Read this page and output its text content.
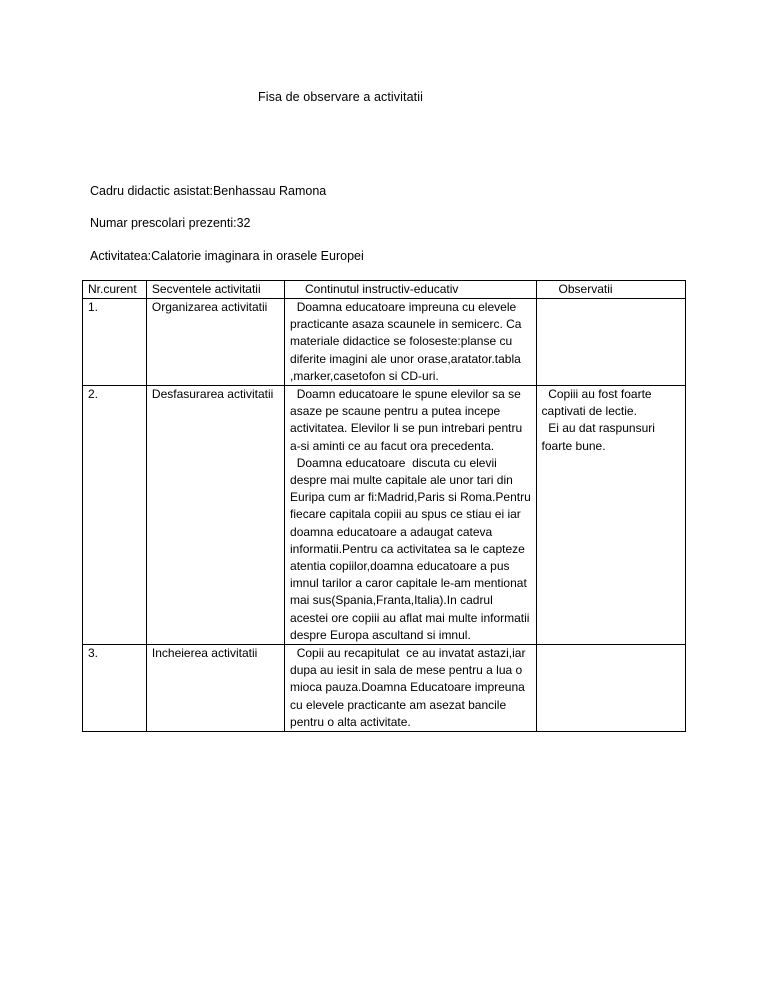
Fisa de observare a activitatii
Cadru didactic asistat:Benhassau Ramona
Numar prescolari prezenti:32
Activitatea:Calatorie imaginara in orasele Europei
Nr.curent	Secventele activitatii	Continutul instructiv-educativ	Observatii
1.	Organizarea activitatii	Doamna educatoare impreuna cu elevele practicante asaza scaunele in semicerc. Ca materiale didactice se foloseste:planse cu diferite imagini ale unor orase,aratator.tabla ,marker,casetofon si CD-uri.	
2.	Desfasurarea activitatii	Doamn educatoare le spune elevilor sa se asaze pe scaune pentru a putea incepe activitatea. Elevilor li se pun intrebari pentru a-si aminti ce au facut ora precedenta.
Doamna educatoare  discuta cu elevii despre mai multe capitale ale unor tari din Euripa cum ar fi:Madrid,Paris si Roma.Pentru fiecare capitala copiii au spus ce stiau ei iar doamna educatoare a adaugat cateva informatii.Pentru ca activitatea sa le capteze atentia copiilor,doamna educatoare a pus imnul tarilor a caror capitale le-am mentionat mai sus(Spania,Franta,Italia).In cadrul acestei ore copiii au aflat mai multe informatii despre Europa ascultand si imnul.	Copiii au fost foarte captivati de lectie.
Ei au dat raspunsuri foarte bune.
3.	Incheierea activitatii	Copii au recapitulat  ce au invatat astazi,iar dupa au iesit in sala de mese pentru a lua o mioca pauza.Doamna Educatoare impreuna cu elevele practicante am asezat bancile pentru o alta activitate.	
